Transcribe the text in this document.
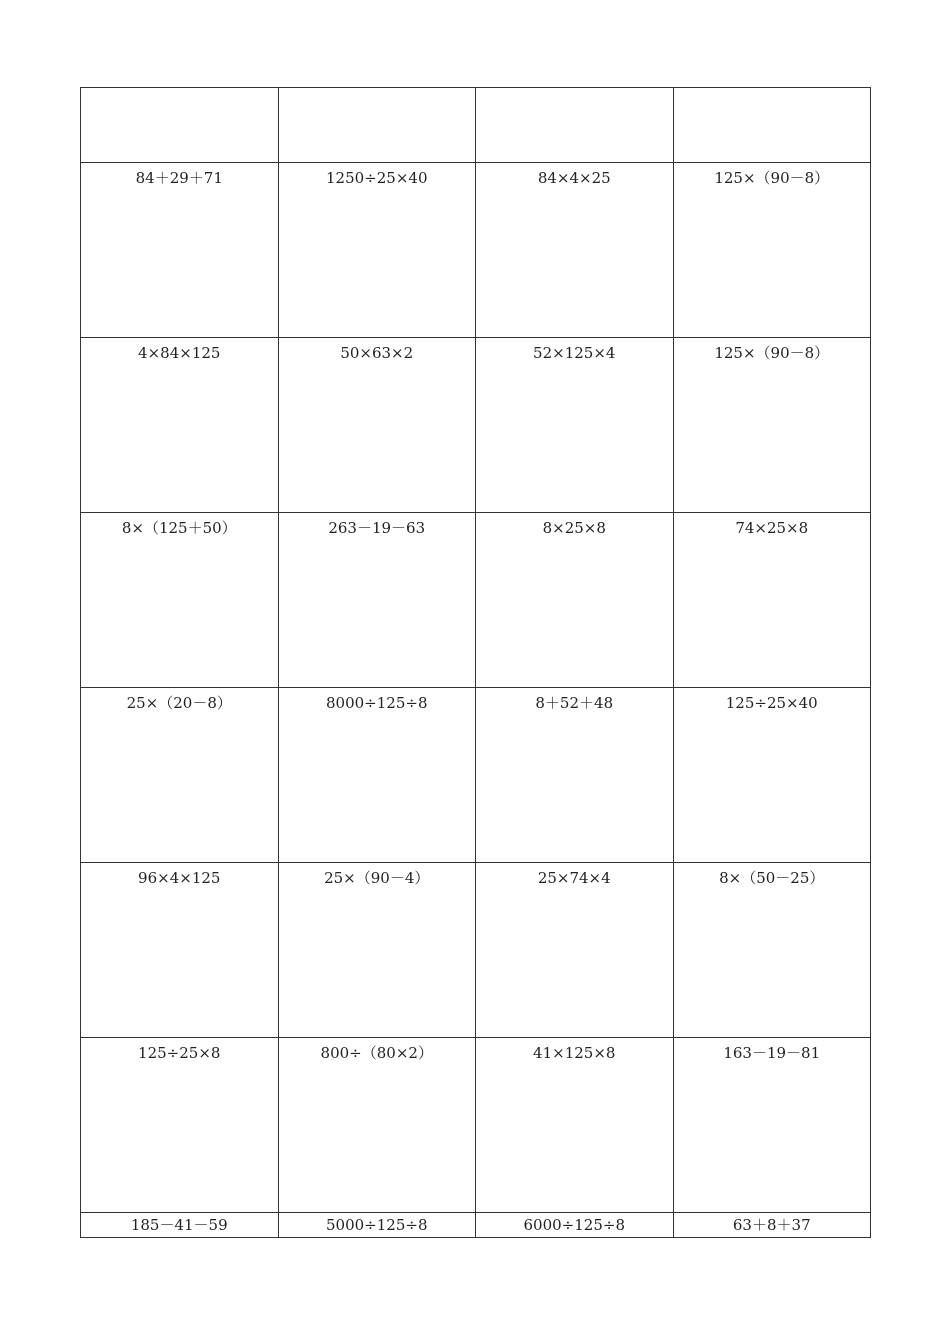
84＋29＋71	1250÷25×40	84×4×25	125×（90－8）

4×84×125	50×63×2	52×125×4	125×（90－8）

8×（125＋50）	263－19－63	8×25×8	74×25×8

25×（20－8）	8000÷125÷8	8＋52＋48	125÷25×40

96×4×125	25×（90－4）	25×74×4	8×（50－25）

125÷25×8	800÷（80×2）	41×125×8	163－19－81

185－41－59	5000÷125÷8	6000÷125÷8	63＋8＋37
